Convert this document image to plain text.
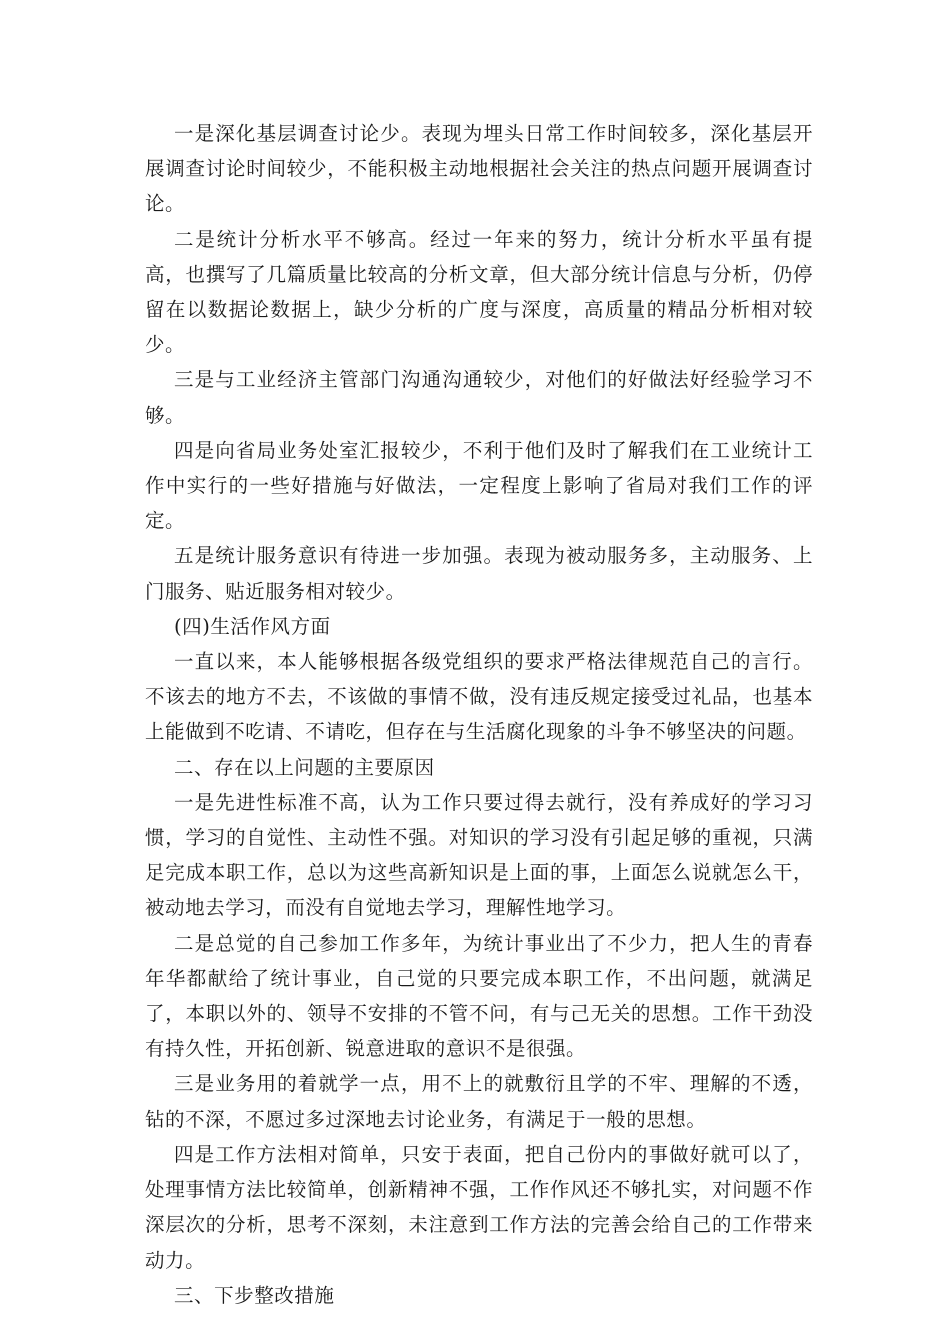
一是深化基层调查讨论少。表现为埋头日常工作时间较多，深化基层开展调查讨论时间较少，不能积极主动地根据社会关注的热点问题开展调查讨论。

二是统计分析水平不够高。经过一年来的努力，统计分析水平虽有提高，也撰写了几篇质量比较高的分析文章，但大部分统计信息与分析，仍停留在以数据论数据上，缺少分析的广度与深度，高质量的精品分析相对较少。

三是与工业经济主管部门沟通沟通较少，对他们的好做法好经验学习不够。

四是向省局业务处室汇报较少，不利于他们及时了解我们在工业统计工作中实行的一些好措施与好做法，一定程度上影响了省局对我们工作的评定。

五是统计服务意识有待进一步加强。表现为被动服务多，主动服务、上门服务、贴近服务相对较少。

(四)生活作风方面

一直以来，本人能够根据各级党组织的要求严格法律规范自己的言行。不该去的地方不去，不该做的事情不做，没有违反规定接受过礼品，也基本上能做到不吃请、不请吃，但存在与生活腐化现象的斗争不够坚决的问题。

二、存在以上问题的主要原因

一是先进性标准不高，认为工作只要过得去就行，没有养成好的学习习惯，学习的自觉性、主动性不强。对知识的学习没有引起足够的重视，只满足完成本职工作，总以为这些高新知识是上面的事，上面怎么说就怎么干，被动地去学习，而没有自觉地去学习，理解性地学习。

二是总觉的自己参加工作多年，为统计事业出了不少力，把人生的青春年华都献给了统计事业，自己觉的只要完成本职工作，不出问题，就满足了，本职以外的、领导不安排的不管不问，有与己无关的思想。工作干劲没有持久性，开拓创新、锐意进取的意识不是很强。

三是业务用的着就学一点，用不上的就敷衍且学的不牢、理解的不透，钻的不深，不愿过多过深地去讨论业务，有满足于一般的思想。

四是工作方法相对简单，只安于表面，把自己份内的事做好就可以了，处理事情方法比较简单，创新精神不强，工作作风还不够扎实，对问题不作深层次的分析，思考不深刻，未注意到工作方法的完善会给自己的工作带来动力。

三、下步整改措施
